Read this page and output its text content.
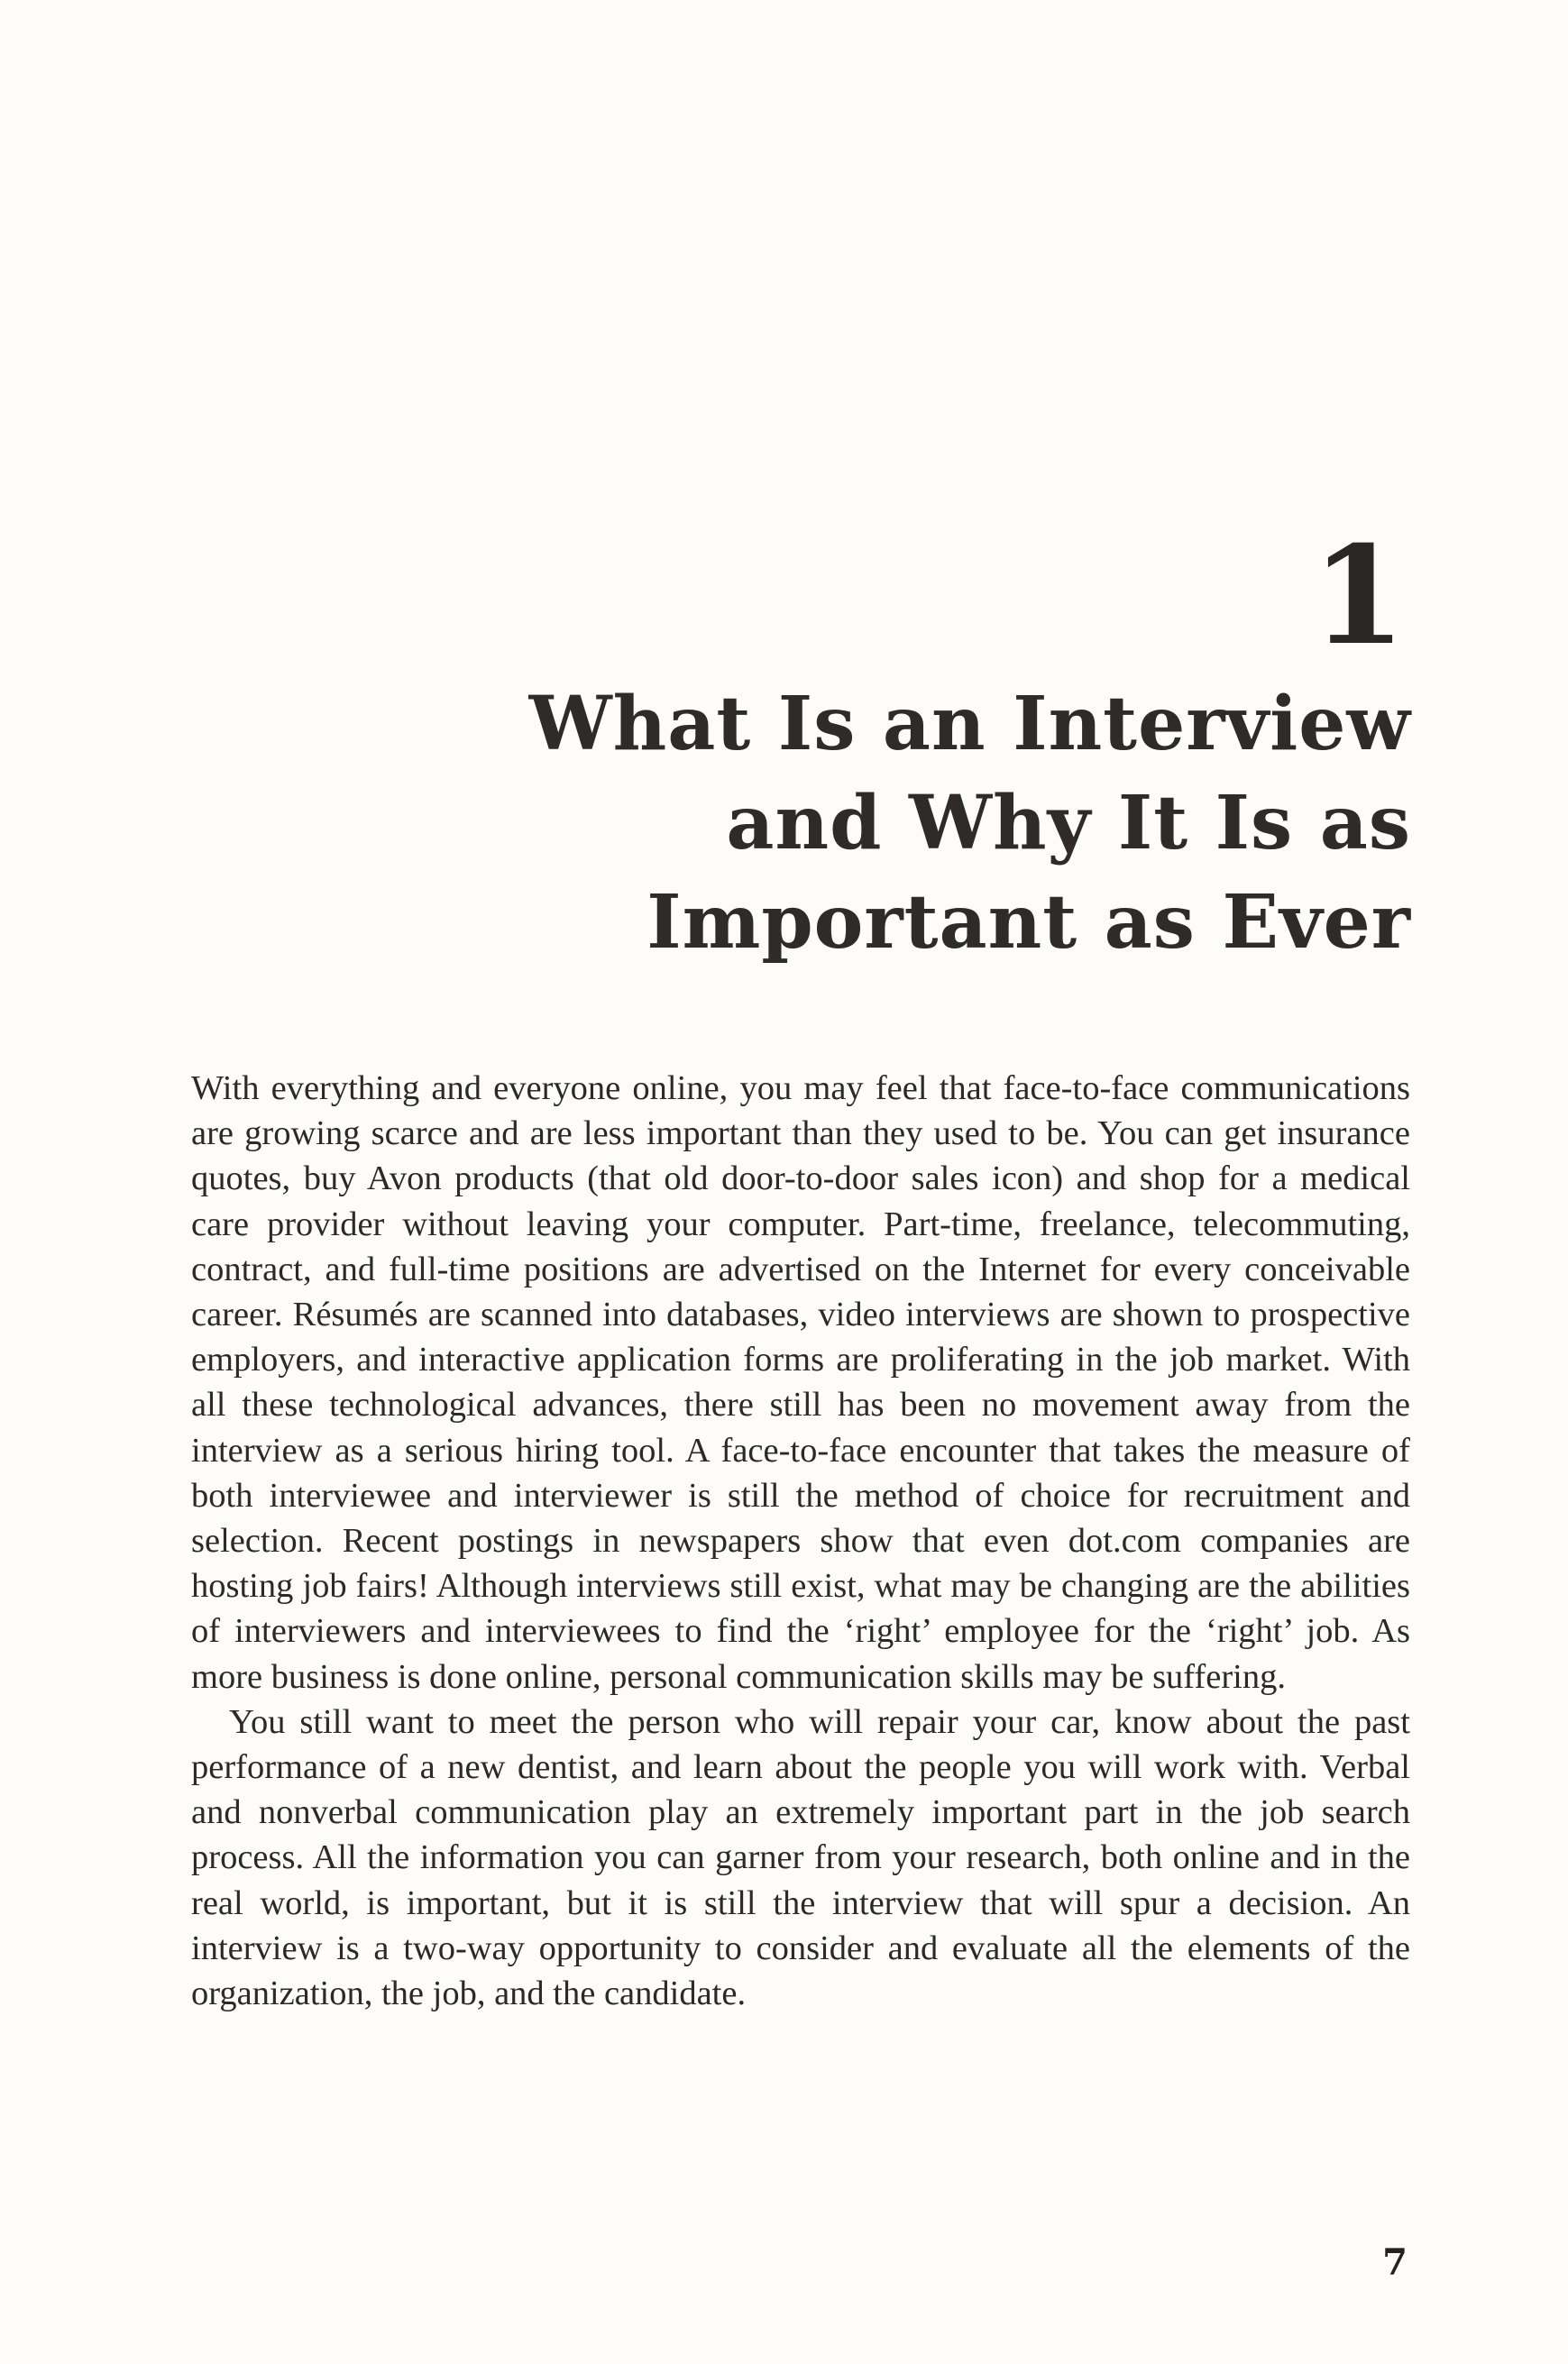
1
What Is an Interview
and Why It Is as
Important as Ever

With everything and everyone online, you may feel that face-to-face communications are growing scarce and are less important than they used to be. You can get insurance quotes, buy Avon products (that old door-to-door sales icon) and shop for a medical care provider without leaving your computer. Part-time, freelance, telecommuting, contract, and full-time positions are advertised on the Internet for every conceivable career. Résumés are scanned into databases, video interviews are shown to prospective employers, and interactive application forms are proliferating in the job market. With all these technological advances, there still has been no movement away from the interview as a serious hiring tool. A face-to-face encounter that takes the measure of both interviewee and interviewer is still the method of choice for recruitment and selection. Recent postings in newspapers show that even dot.com companies are hosting job fairs! Although interviews still exist, what may be changing are the abilities of interviewers and interviewees to find the ‘right’ employee for the ‘right’ job. As more business is done online, personal communication skills may be suffering.

You still want to meet the person who will repair your car, know about the past performance of a new dentist, and learn about the people you will work with. Verbal and nonverbal communication play an extremely important part in the job search process. All the information you can garner from your research, both online and in the real world, is important, but it is still the interview that will spur a decision. An interview is a two-way opportunity to consider and evaluate all the elements of the organization, the job, and the candidate.

7
